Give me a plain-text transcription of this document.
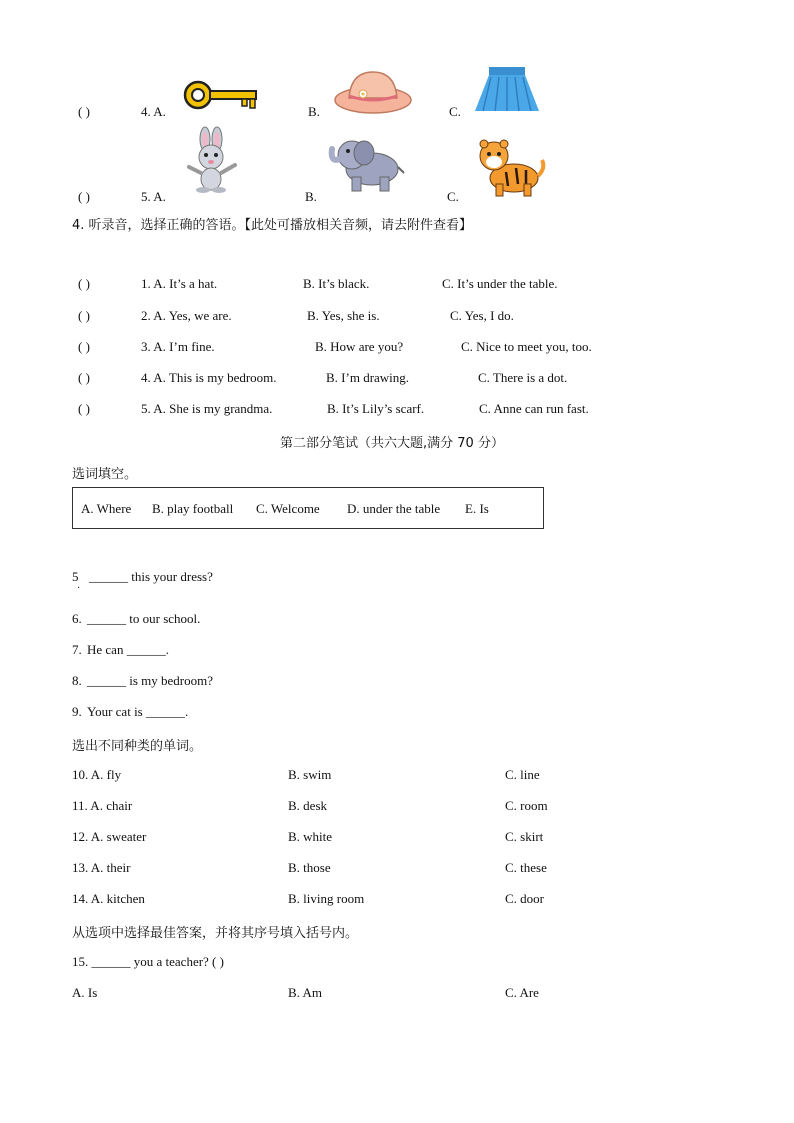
( )	4. A.	B.	C.
( )	5. A.	B.	C.
4. 听录音，选择正确的答语。【此处可播放相关音频，请去附件查看】
( )	1. A. It’s a hat.	B. It’s black.	C. It’s under the table.
( )	2. A. Yes, we are.	B. Yes, she is.	C. Yes, I do.
( )	3. A. I’m fine.	B. How are you?	C. Nice to meet you, too.
( )	4. A. This is my bedroom.	B. I’m drawing.	C. There is a dot.
( )	5. A. She is my grandma.	B. It’s Lily’s scarf.	C. Anne can run fast.
第二部分笔试（共六大题,满分 70 分）
选词填空。
A. Where B. play football C. Welcome D. under the table E. Is
5 ______ this your dress?
·
6. ______ to our school.
7. He can ______.
8. ______ is my bedroom?
9. Your cat is ______.
选出不同种类的单词。
10. A. fly	B. swim	C. line
11. A. chair	B. desk	C. room
12. A. sweater	B. white	C. skirt
13. A. their	B. those	C. these
14. A. kitchen	B. living room	C. door
从选项中选择最佳答案，并将其序号填入括号内。
15. ______ you a teacher? ( )
A. Is	B. Am	C. Are
